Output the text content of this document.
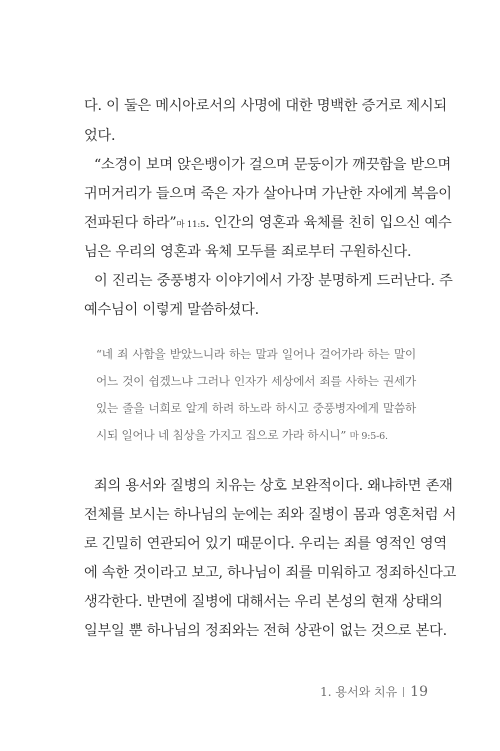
다. 이 둘은 메시아로서의 사명에 대한 명백한 증거로 제시되
었다.
“소경이 보며 앉은뱅이가 걸으며 문둥이가 깨끗함을 받으며
귀머거리가 들으며 죽은 자가 살아나며 가난한 자에게 복음이
전파된다 하라”마 11:5. 인간의 영혼과 육체를 친히 입으신 예수
님은 우리의 영혼과 육체 모두를 죄로부터 구원하신다.
이 진리는 중풍병자 이야기에서 가장 분명하게 드러난다. 주
예수님이 이렇게 말씀하셨다.
“네 죄 사함을 받았느니라 하는 말과 일어나 걸어가라 하는 말이
어느 것이 쉽겠느냐 그러나 인자가 세상에서 죄를 사하는 권세가
있는 줄을 너희로 알게 하려 하노라 하시고 중풍병자에게 말씀하
시되 일어나 네 침상을 가지고 집으로 가라 하시니” 마 9:5-6.
죄의 용서와 질병의 치유는 상호 보완적이다. 왜냐하면 존재
전체를 보시는 하나님의 눈에는 죄와 질병이 몸과 영혼처럼 서
로 긴밀히 연관되어 있기 때문이다. 우리는 죄를 영적인 영역
에 속한 것이라고 보고, 하나님이 죄를 미워하고 정죄하신다고
생각한다. 반면에 질병에 대해서는 우리 본성의 현재 상태의
일부일 뿐 하나님의 정죄와는 전혀 상관이 없는 것으로 본다.
1. 용서와 치유 19
